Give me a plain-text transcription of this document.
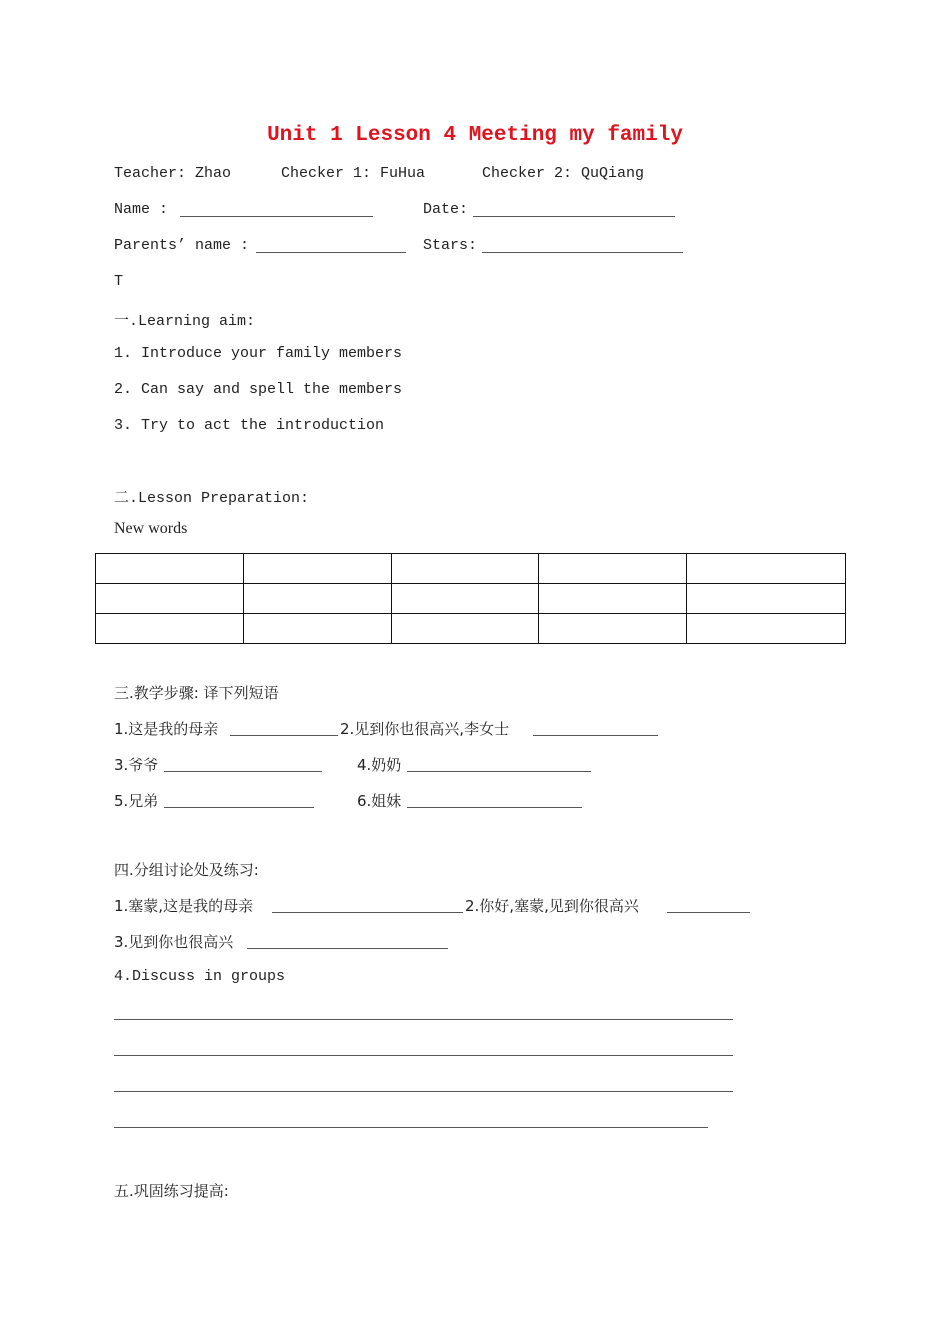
Unit 1 Lesson 4 Meeting my family
Teacher: Zhao	Checker 1: FuHua	Checker 2: QuQiang
Name :	Date:
Parents’ name :	Stars:
T
一.Learning aim:
1. Introduce your family members
2. Can say and spell the members
3. Try to act the introduction
二.Lesson Preparation:
New words

三.教学步骤: 译下列短语
1.这是我的母亲	2.见到你也很高兴,李女士
3.爷爷	4.奶奶
5.兄弟	6.姐妹
四.分组讨论处及练习:
1.塞蒙,这是我的母亲	2.你好,塞蒙,见到你很高兴
3.见到你也很高兴
4.Discuss in groups
五.巩固练习提高:
